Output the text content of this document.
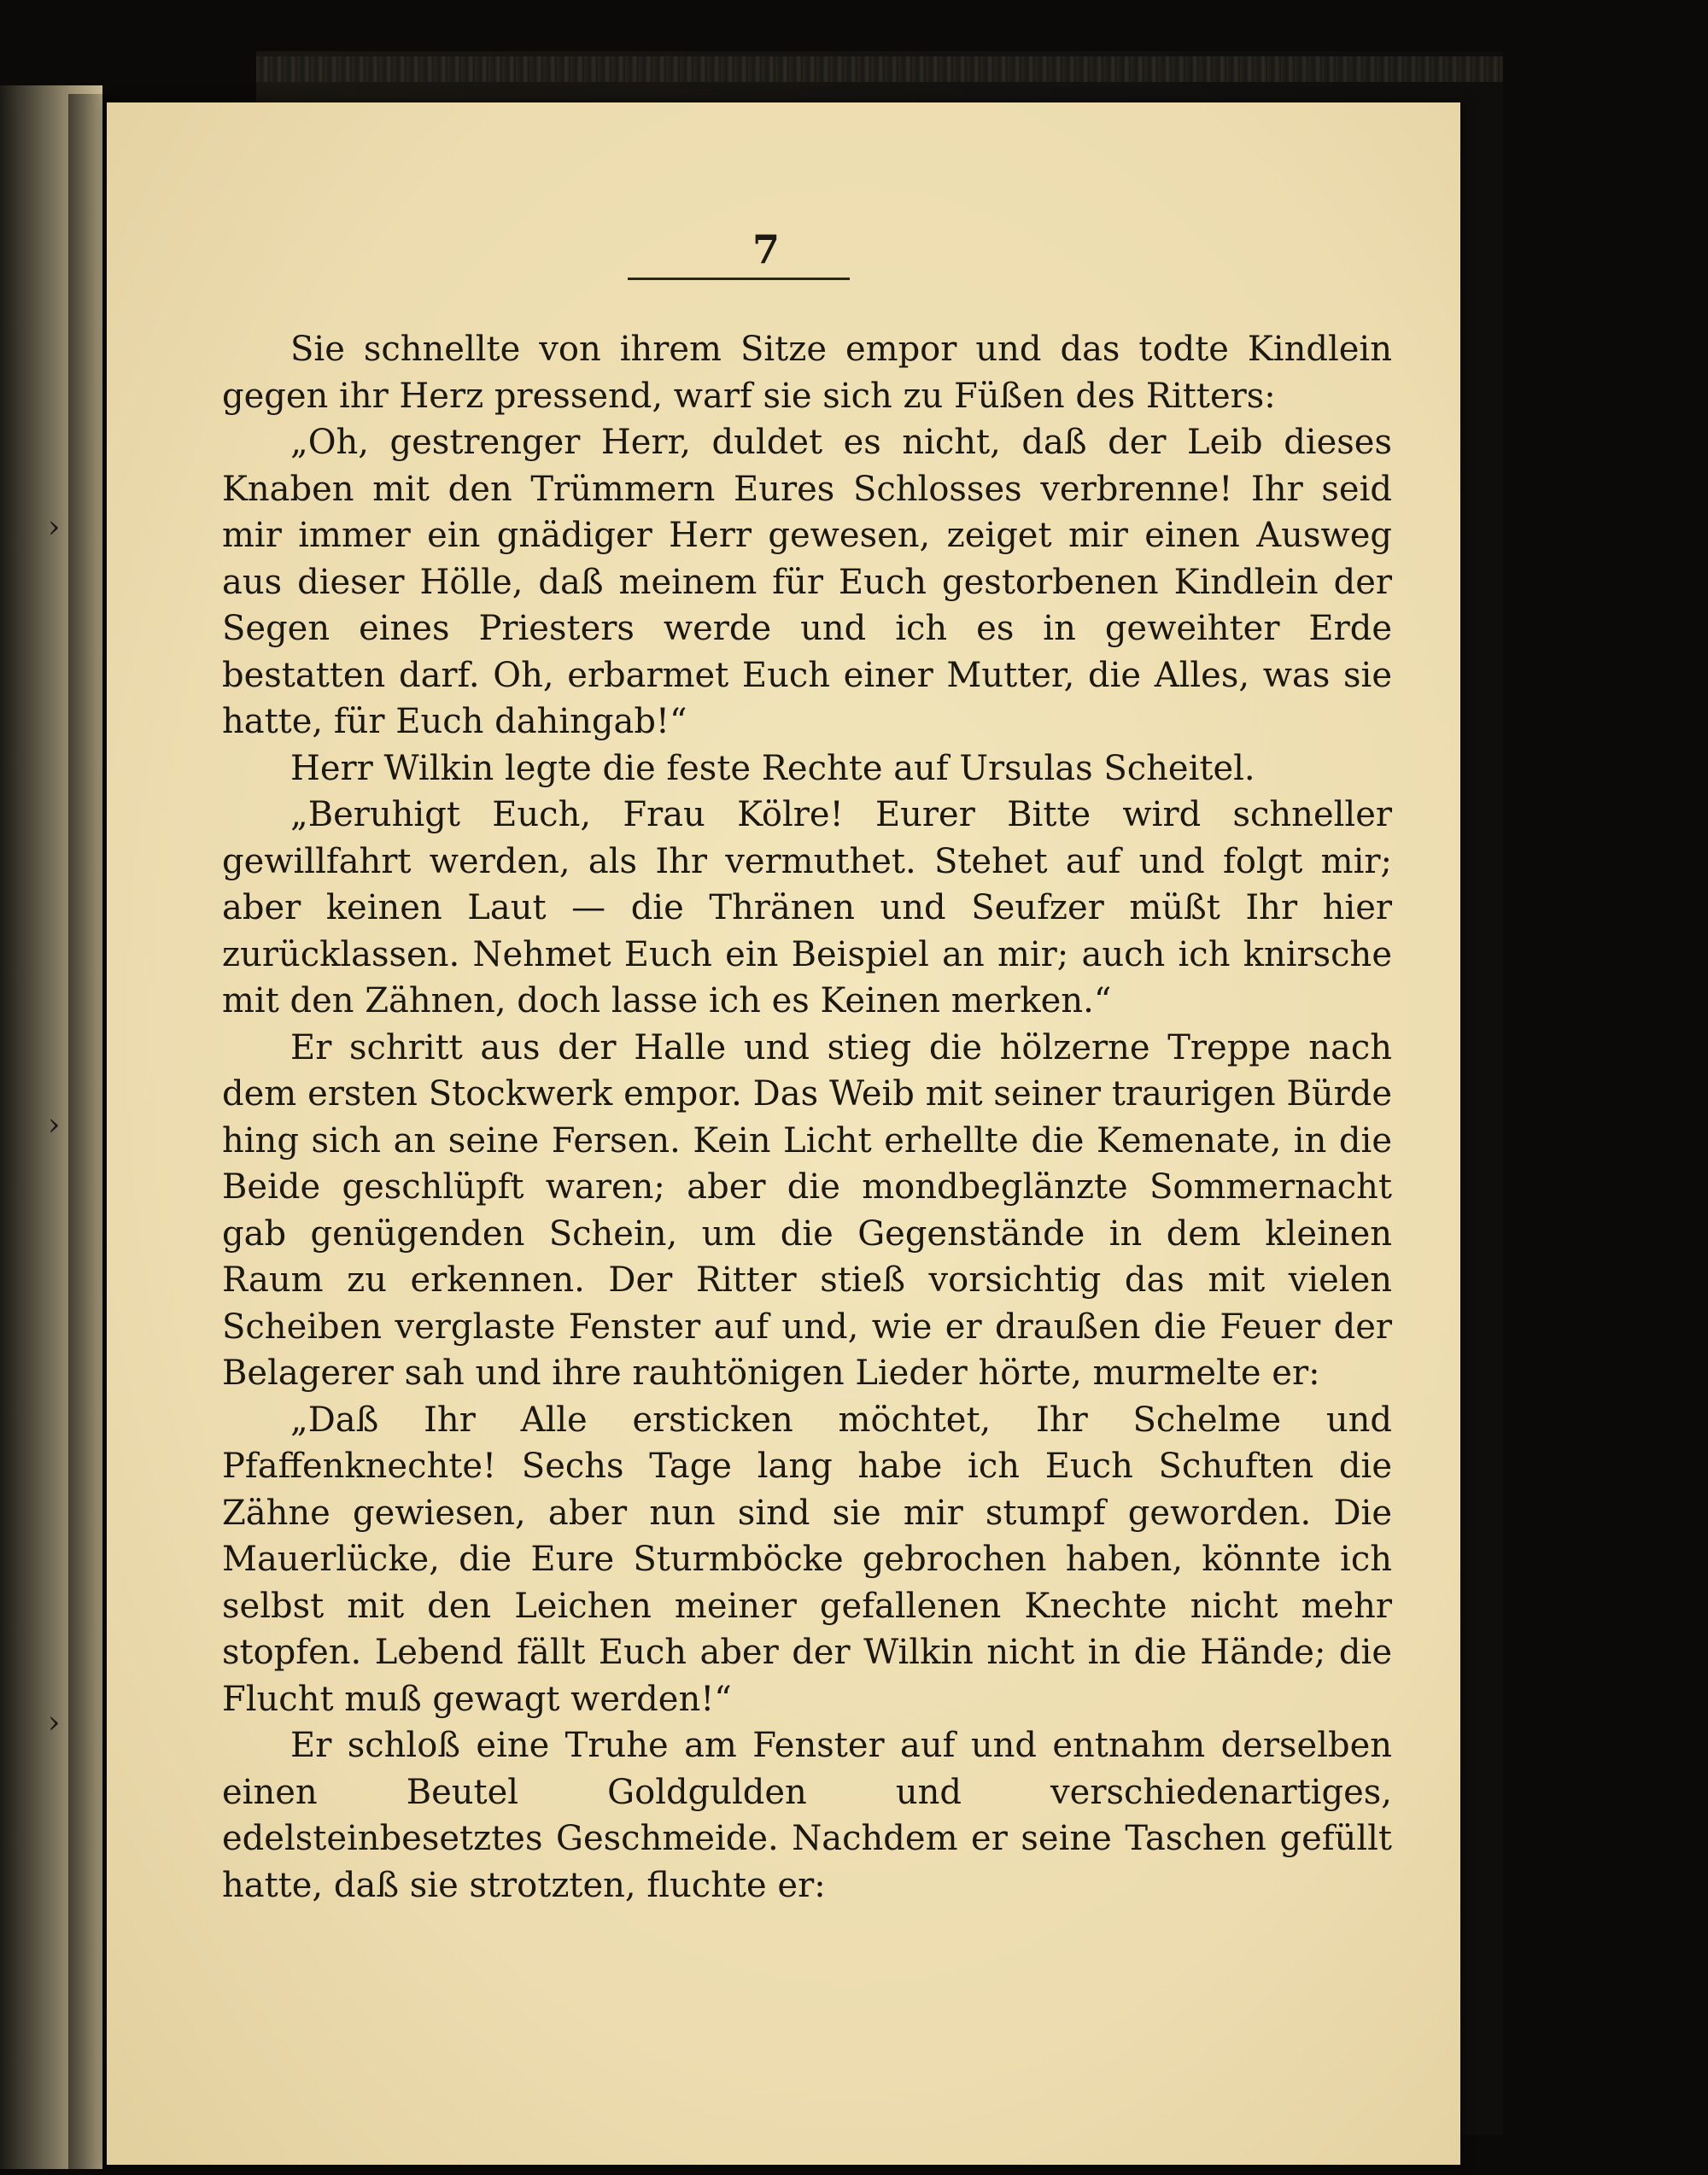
›
›
›
7

Sie schnellte von ihrem Sitze empor und das todte Kindlein gegen ihr Herz pressend, warf sie sich zu Füßen des Ritters:

„Oh, gestrenger Herr, duldet es nicht, daß der Leib dieses Knaben mit den Trümmern Eures Schlosses verbrenne! Ihr seid mir immer ein gnädiger Herr gewesen, zeiget mir einen Ausweg aus dieser Hölle, daß meinem für Euch gestorbenen Kindlein der Segen eines Priesters werde und ich es in geweihter Erde bestatten darf. Oh, erbarmet Euch einer Mutter, die Alles, was sie hatte, für Euch dahingab!“

Herr Wilkin legte die feste Rechte auf Ursulas Scheitel.

„Beruhigt Euch, Frau Kölre! Eurer Bitte wird schneller gewillfahrt werden, als Ihr vermuthet. Stehet auf und folgt mir; aber keinen Laut — die Thränen und Seufzer müßt Ihr hier zurücklassen. Nehmet Euch ein Beispiel an mir; auch ich knirsche mit den Zähnen, doch lasse ich es Keinen merken.“

Er schritt aus der Halle und stieg die hölzerne Treppe nach dem ersten Stockwerk empor. Das Weib mit seiner traurigen Bürde hing sich an seine Fersen. Kein Licht erhellte die Kemenate, in die Beide geschlüpft waren; aber die mondbeglänzte Sommernacht gab genügenden Schein, um die Gegenstände in dem kleinen Raum zu erkennen. Der Ritter stieß vorsichtig das mit vielen Scheiben verglaste Fenster auf und, wie er draußen die Feuer der Belagerer sah und ihre rauhtönigen Lieder hörte, murmelte er:

„Daß Ihr Alle ersticken möchtet, Ihr Schelme und Pfaffenknechte! Sechs Tage lang habe ich Euch Schuften die Zähne gewiesen, aber nun sind sie mir stumpf geworden. Die Mauerlücke, die Eure Sturmböcke gebrochen haben, könnte ich selbst mit den Leichen meiner gefallenen Knechte nicht mehr stopfen. Lebend fällt Euch aber der Wilkin nicht in die Hände; die Flucht muß gewagt werden!“

Er schloß eine Truhe am Fenster auf und entnahm derselben einen Beutel Goldgulden und verschiedenartiges, edelsteinbesetztes Geschmeide. Nachdem er seine Taschen gefüllt hatte, daß sie strotzten, fluchte er:
